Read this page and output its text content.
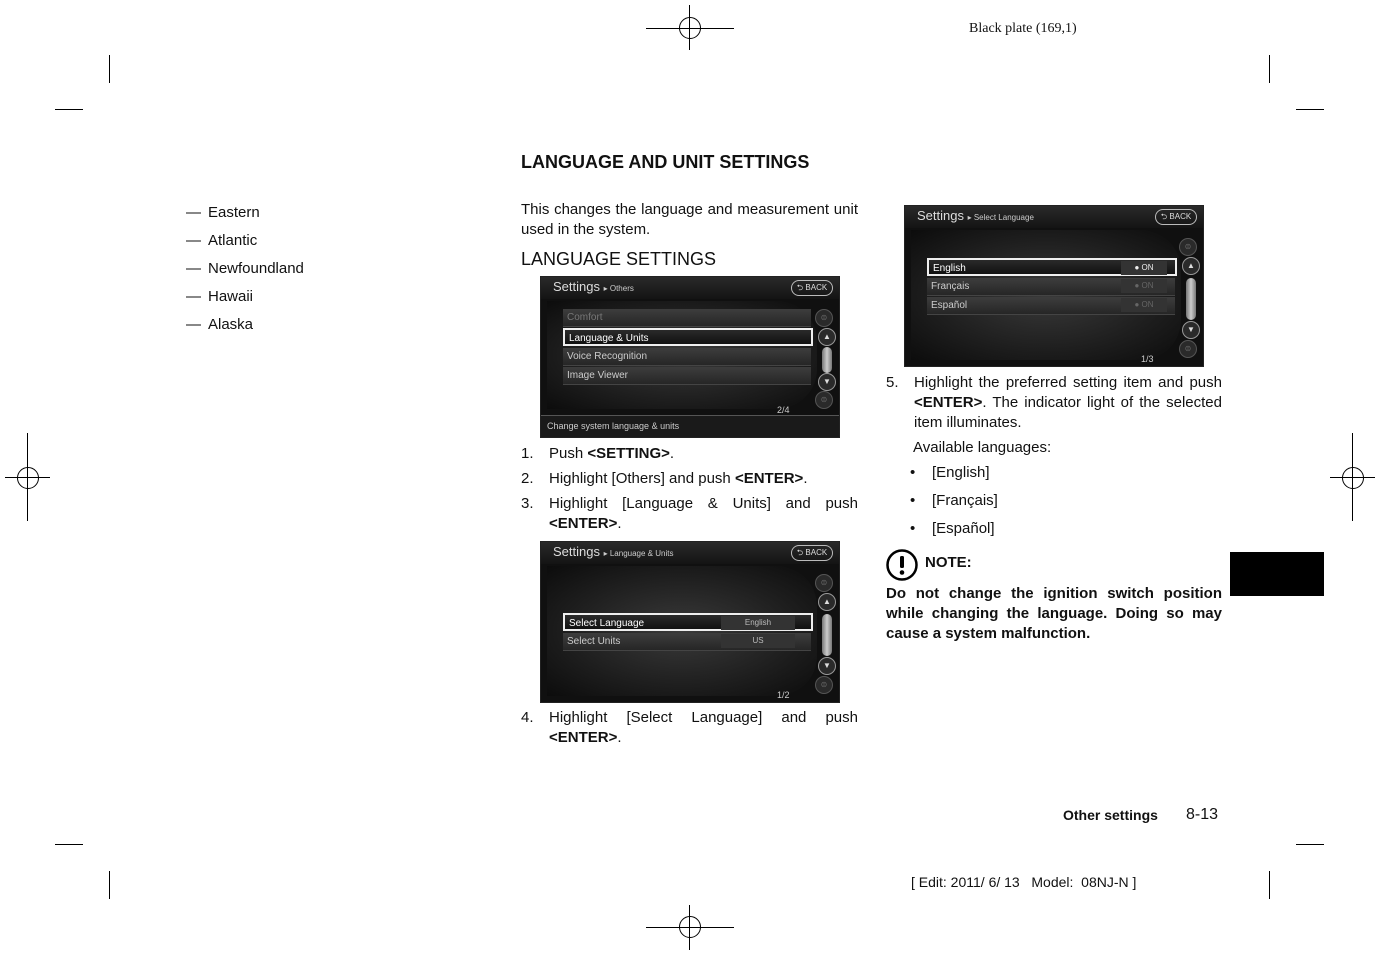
Black plate (169,1)
— Eastern
— Atlantic
— Newfoundland
— Hawaii
— Alaska
LANGUAGE AND UNIT SETTINGS
This changes the language and measurement unit used in the system.
LANGUAGE SETTINGS
Settings ▸ Others	⮌ BACK
Comfort
Language & Units
Voice Recognition
Image Viewer
⊜
▲
▼
⊜
2/4
Change system language & units
1. Push <SETTING>.
2. Highlight [Others] and push <ENTER>.
3. Highlight [Language & Units] and push <ENTER>.
Settings ▸ Language & Units	⮌ BACK
Select Language	English
Select Units	US
⊜
▲
▼
⊜
1/2
4. Highlight [Select Language] and push <ENTER>.
Settings ▸ Select Language	⮌ BACK
English	● ON
Français	● ON
Español	● ON
⊜
▲
▼
⊜
1/3
5. Highlight the preferred setting item and push <ENTER>. The indicator light of the selected item illuminates.
Available languages:
• [English]
• [Français]
• [Español]
NOTE:
Do not change the ignition switch position while changing the language. Doing so may cause a system malfunction.
Other settings 8-13
[ Edit: 2011/ 6/ 13   Model:  08NJ-N ]
